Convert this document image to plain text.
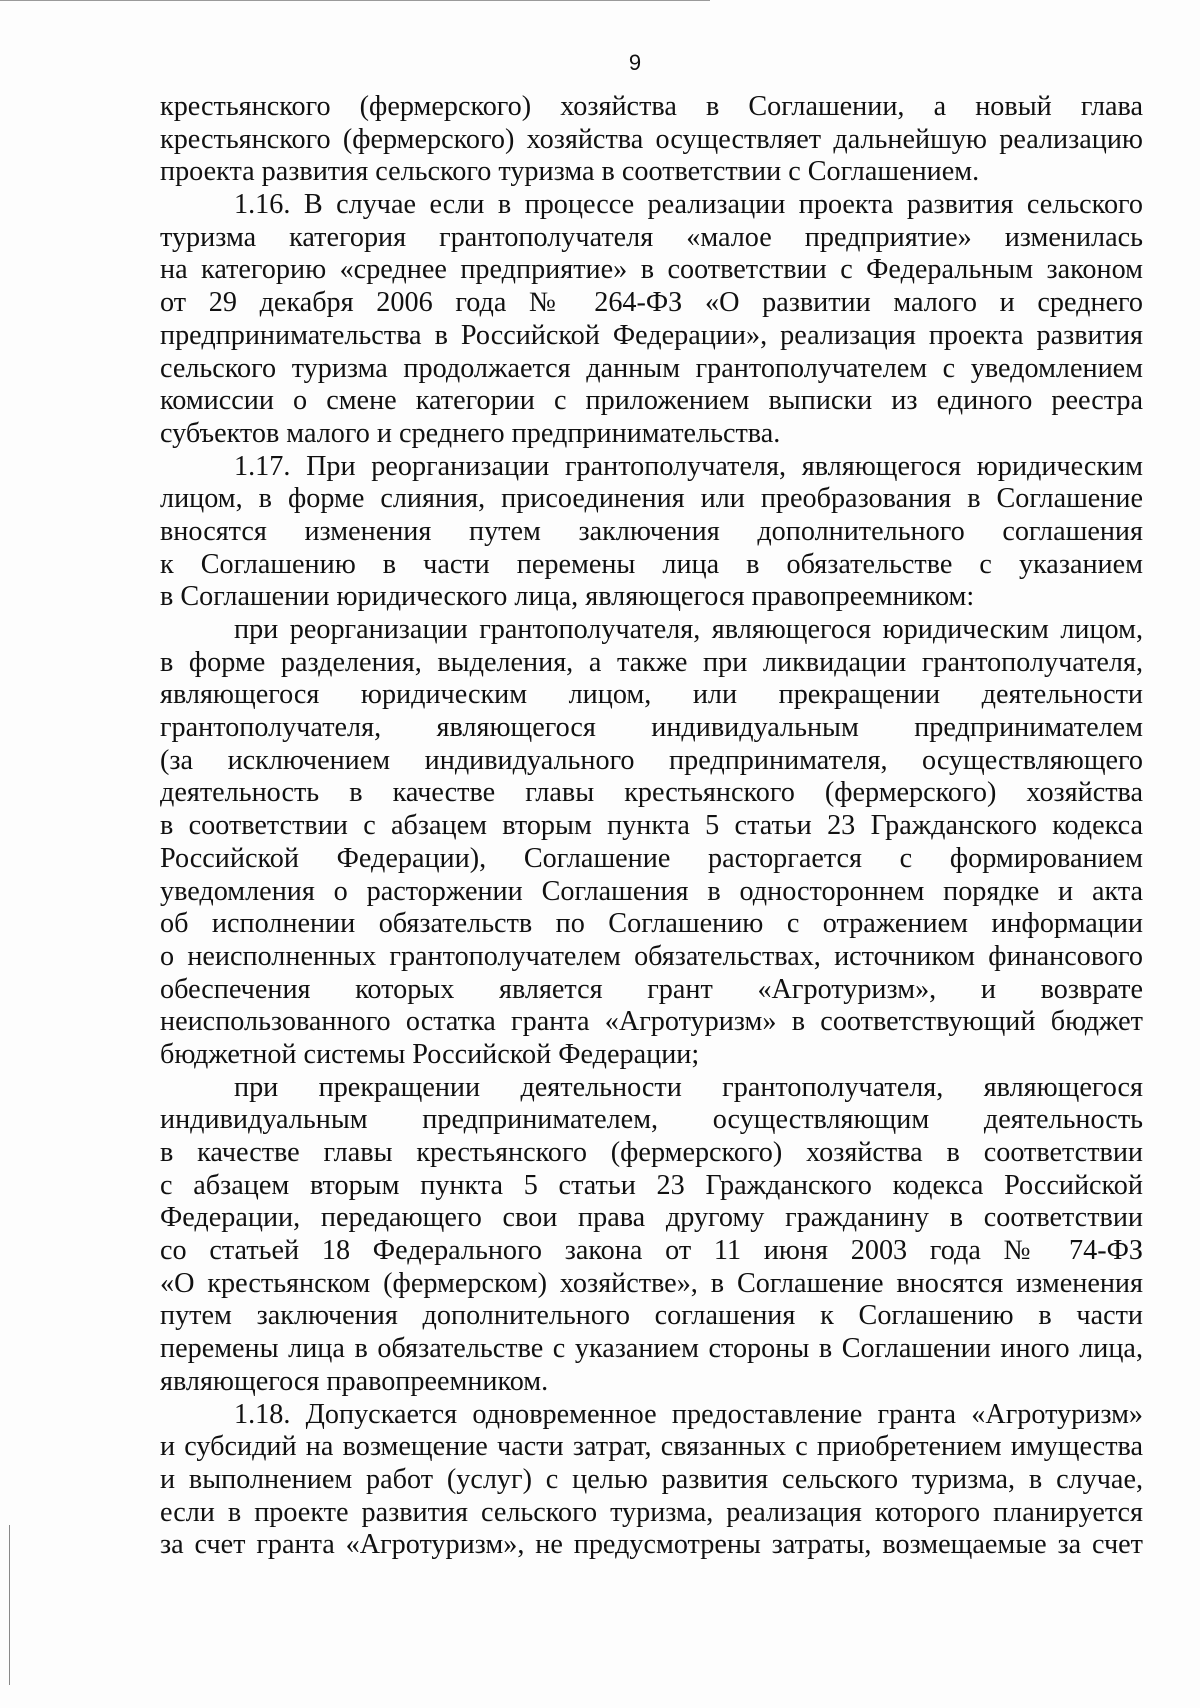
9

крестьянского (фермерского) хозяйства в Соглашении, а новый глава
крестьянского (фермерского) хозяйства осуществляет дальнейшую реализацию
проекта развития сельского туризма в соответствии с Соглашением.
1.16. В случае если в процессе реализации проекта развития сельского
туризма категория грантополучателя «малое предприятие» изменилась
на категорию «среднее предприятие» в соответствии с Федеральным законом
от 29 декабря 2006 года № 264-ФЗ «О развитии малого и среднего
предпринимательства в Российской Федерации», реализация проекта развития
сельского туризма продолжается данным грантополучателем с уведомлением
комиссии о смене категории с приложением выписки из единого реестра
субъектов малого и среднего предпринимательства.
1.17. При реорганизации грантополучателя, являющегося юридическим
лицом, в форме слияния, присоединения или преобразования в Соглашение
вносятся изменения путем заключения дополнительного соглашения
к Соглашению в части перемены лица в обязательстве с указанием
в Соглашении юридического лица, являющегося правопреемником:
при реорганизации грантополучателя, являющегося юридическим лицом,
в форме разделения, выделения, а также при ликвидации грантополучателя,
являющегося юридическим лицом, или прекращении деятельности
грантополучателя, являющегося индивидуальным предпринимателем
(за исключением индивидуального предпринимателя, осуществляющего
деятельность в качестве главы крестьянского (фермерского) хозяйства
в соответствии с абзацем вторым пункта 5 статьи 23 Гражданского кодекса
Российской Федерации), Соглашение расторгается с формированием
уведомления о расторжении Соглашения в одностороннем порядке и акта
об исполнении обязательств по Соглашению с отражением информации
о неисполненных грантополучателем обязательствах, источником финансового
обеспечения которых является грант «Агротуризм», и возврате
неиспользованного остатка гранта «Агротуризм» в соответствующий бюджет
бюджетной системы Российской Федерации;
при прекращении деятельности грантополучателя, являющегося
индивидуальным предпринимателем, осуществляющим деятельность
в качестве главы крестьянского (фермерского) хозяйства в соответствии
с абзацем вторым пункта 5 статьи 23 Гражданского кодекса Российской
Федерации, передающего свои права другому гражданину в соответствии
со статьей 18 Федерального закона от 11 июня 2003 года № 74-ФЗ
«О крестьянском (фермерском) хозяйстве», в Соглашение вносятся изменения
путем заключения дополнительного соглашения к Соглашению в части
перемены лица в обязательстве с указанием стороны в Соглашении иного лица,
являющегося правопреемником.
1.18. Допускается одновременное предоставление гранта «Агротуризм»
и субсидий на возмещение части затрат, связанных с приобретением имущества
и выполнением работ (услуг) с целью развития сельского туризма, в случае,
если в проекте развития сельского туризма, реализация которого планируется
за счет гранта «Агротуризм», не предусмотрены затраты, возмещаемые за счет
